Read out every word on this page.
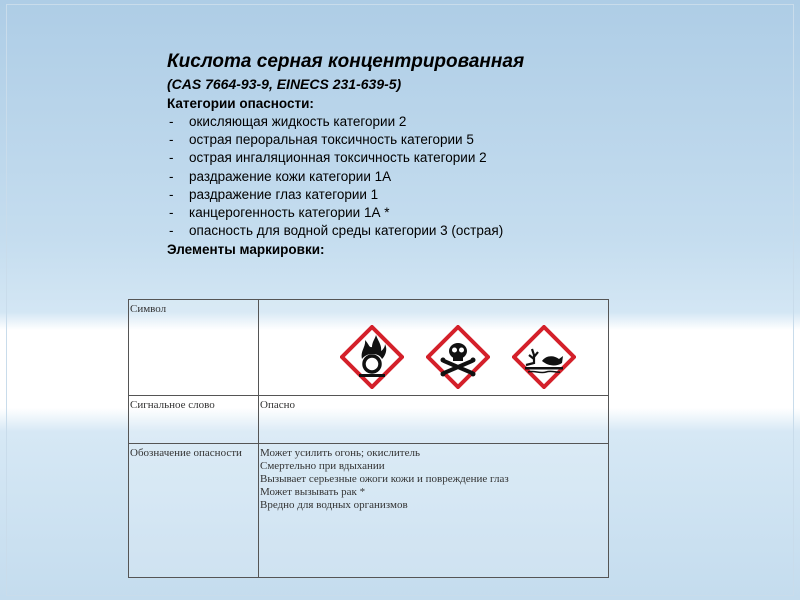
Кислота серная концентрированная
(CAS 7664-93-9, EINECS 231-639-5)
Категории опасности:
- окисляющая жидкость категории 2
- острая пероральная токсичность категории 5
- острая ингаляционная токсичность категории 2
- раздражение кожи категории 1А
- раздражение глаз категории 1
- канцерогенность категории 1А *
- опасность для водной среды категории 3 (острая)
Элементы маркировки:
Символ	

Сигнальное слово	Опасно
Обозначение опасности	Может усилить огонь; окислитель
Смертельно при вдыхании
Вызывает серьезные ожоги кожи и повреждение глаз
Может вызывать рак *
Вредно для водных организмов
